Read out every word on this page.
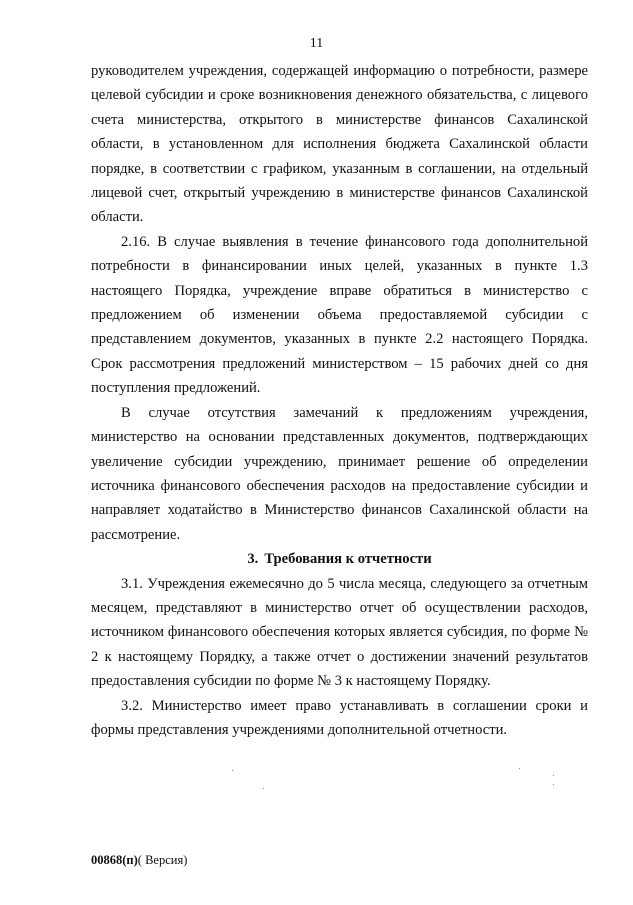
11

руководителем учреждения, содержащей информацию о потребности, размере целевой субсидии и сроке возникновения денежного обязательства, с лицевого счета министерства, открытого в министерстве финансов Сахалинской области, в установленном для исполнения бюджета Сахалинской области порядке, в соответствии с графиком, указанным в соглашении, на отдельный лицевой счет, открытый учреждению в министерстве финансов Сахалинской области.

2.16. В случае выявления в течение финансового года дополнительной потребности в финансировании иных целей, указанных в пункте 1.3 настоящего Порядка, учреждение вправе обратиться в министерство с предложением об изменении объема предоставляемой субсидии с представлением документов, указанных в пункте 2.2 настоящего Порядка. Срок рассмотрения предложений министерством – 15 рабочих дней со дня поступления предложений.

В случае отсутствия замечаний к предложениям учреждения, министерство на основании представленных документов, подтверждающих увеличение субсидии учреждению, принимает решение об определении источника финансового обеспечения расходов на предоставление субсидии и направляет ходатайство в Министерство финансов Сахалинской области на рассмотрение.

3. Требования к отчетности

3.1. Учреждения ежемесячно до 5 числа месяца, следующего за отчетным месяцем, представляют в министерство отчет об осуществлении расходов, источником финансового обеспечения которых является субсидия, по форме № 2 к настоящему Порядку, а также отчет о достижении значений результатов предоставления субсидии по форме № 3 к настоящему Порядку.

3.2. Министерство имеет право устанавливать в соглашении сроки и формы представления учреждениями дополнительной отчетности.

00868(п)( Версия)
